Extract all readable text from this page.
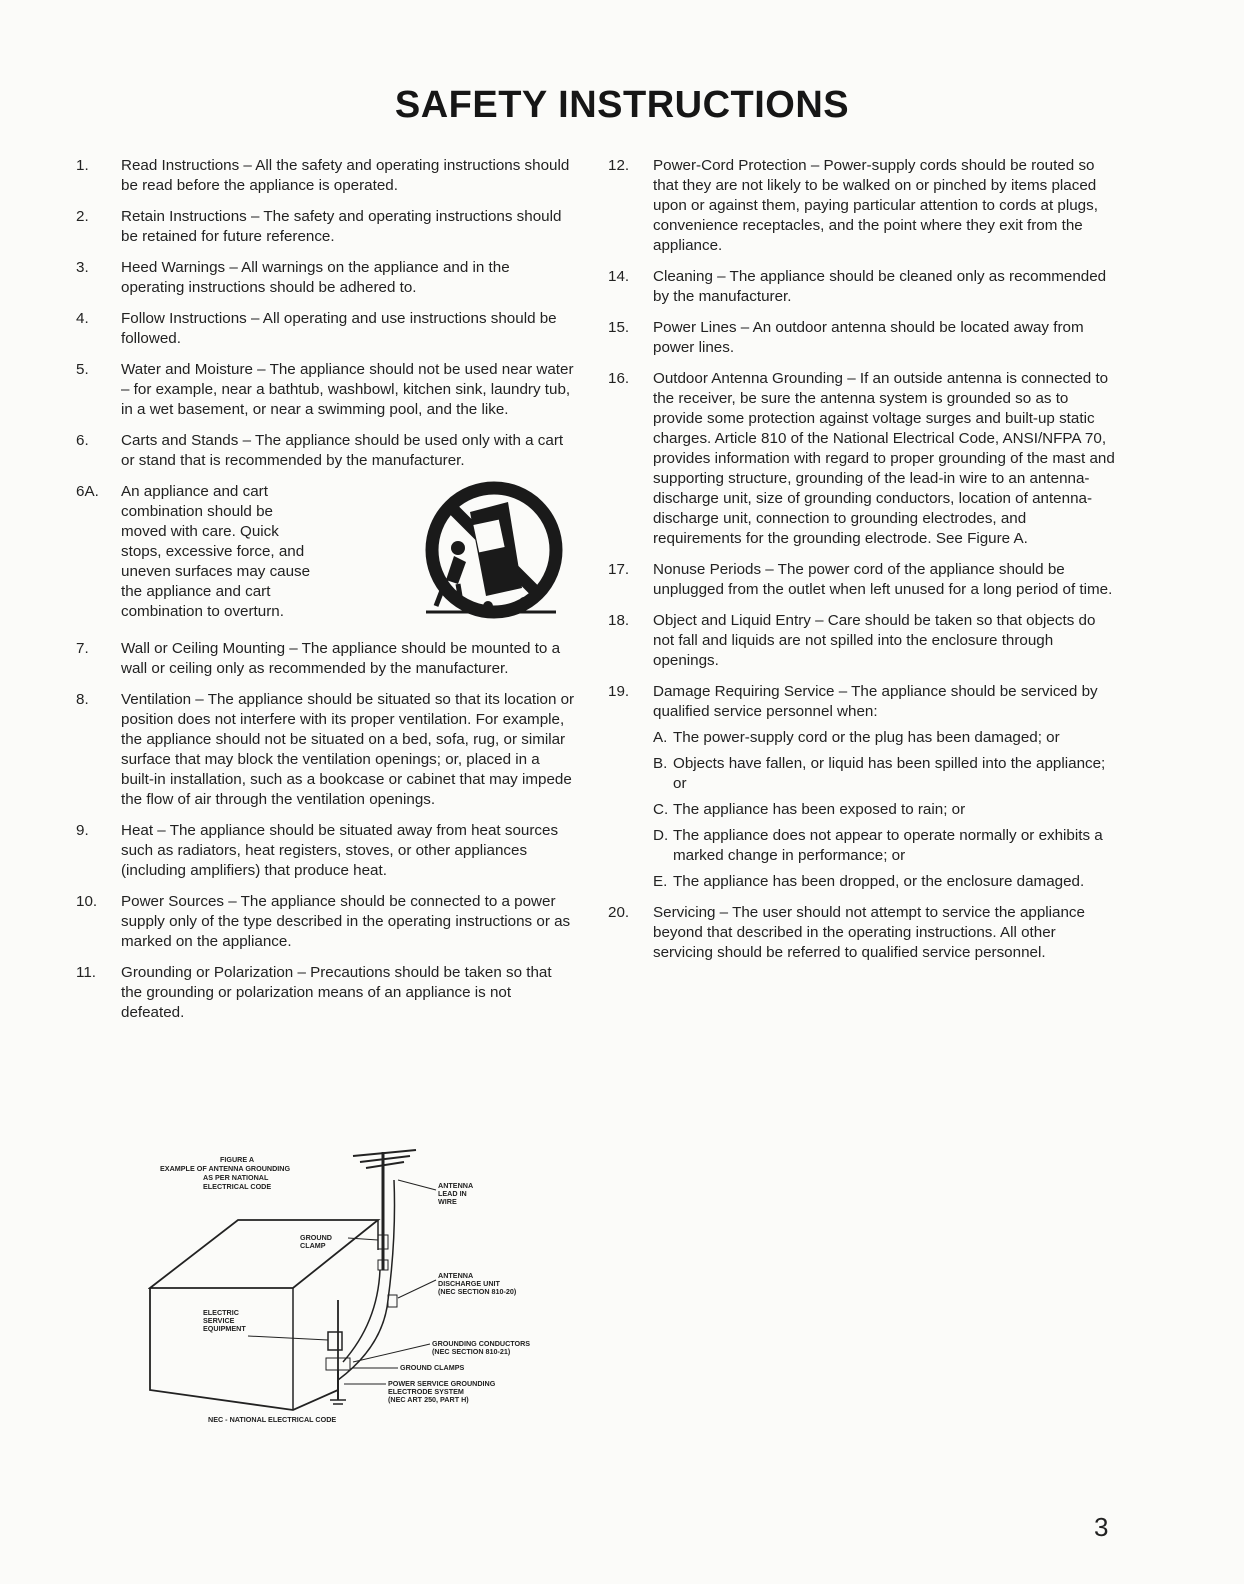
SAFETY INSTRUCTIONS
1. Read Instructions – All the safety and operating instructions should be read before the appliance is operated.
2. Retain Instructions – The safety and operating instructions should be retained for future reference.
3. Heed Warnings – All warnings on the appliance and in the operating instructions should be adhered to.
4. Follow Instructions – All operating and use instructions should be followed.
5. Water and Moisture – The appliance should not be used near water – for example, near a bathtub, washbowl, kitchen sink, laundry tub, in a wet basement, or near a swimming pool, and the like.
6. Carts and Stands – The appliance should be used only with a cart or stand that is recommended by the manufacturer.
6A. An appliance and cart combination should be moved with care. Quick stops, excessive force, and uneven surfaces may cause the appliance and cart combination to overturn.
7. Wall or Ceiling Mounting – The appliance should be mounted to a wall or ceiling only as recommended by the manufacturer.
8. Ventilation – The appliance should be situated so that its location or position does not interfere with its proper ventilation. For example, the appliance should not be situated on a bed, sofa, rug, or similar surface that may block the ventilation openings; or, placed in a built-in installation, such as a bookcase or cabinet that may impede the flow of air through the ventilation openings.
9. Heat – The appliance should be situated away from heat sources such as radiators, heat registers, stoves, or other appliances (including amplifiers) that produce heat.
10. Power Sources – The appliance should be connected to a power supply only of the type described in the operating instructions or as marked on the appliance.
11. Grounding or Polarization – Precautions should be taken so that the grounding or polarization means of an appliance is not defeated.
12. Power-Cord Protection – Power-supply cords should be routed so that they are not likely to be walked on or pinched by items placed upon or against them, paying particular attention to cords at plugs, convenience receptacles, and the point where they exit from the appliance.
14. Cleaning – The appliance should be cleaned only as recommended by the manufacturer.
15. Power Lines – An outdoor antenna should be located away from power lines.
16. Outdoor Antenna Grounding – If an outside antenna is connected to the receiver, be sure the antenna system is grounded so as to provide some protection against voltage surges and built-up static charges. Article 810 of the National Electrical Code, ANSI/NFPA 70, provides information with regard to proper grounding of the mast and supporting structure, grounding of the lead-in wire to an antenna-discharge unit, size of grounding conductors, location of antenna-discharge unit, connection to grounding electrodes, and requirements for the grounding electrode. See Figure A.
17. Nonuse Periods – The power cord of the appliance should be unplugged from the outlet when left unused for a long period of time.
18. Object and Liquid Entry – Care should be taken so that objects do not fall and liquids are not spilled into the enclosure through openings.
19. Damage Requiring Service – The appliance should be serviced by qualified service personnel when:
A. The power-supply cord or the plug has been damaged; or
B. Objects have fallen, or liquid has been spilled into the appliance; or
C. The appliance has been exposed to rain; or
D. The appliance does not appear to operate normally or exhibits a marked change in performance; or
E. The appliance has been dropped, or the enclosure damaged.
20. Servicing – The user should not attempt to service the appliance beyond that described in the operating instructions. All other servicing should be referred to qualified service personnel.
FIGURE A
EXAMPLE OF ANTENNA GROUNDING
AS PER NATIONAL
ELECTRICAL CODE	ANTENNA
LEAD IN
WIRE
GROUND
CLAMP
ANTENNA
DISCHARGE UNIT
(NEC SECTION 810-20)
ELECTRIC
SERVICE
EQUIPMENT
GROUNDING CONDUCTORS
(NEC SECTION 810-21)
GROUND CLAMPS
POWER SERVICE GROUNDING
ELECTRODE SYSTEM
(NEC ART 250, PART H)
NEC - NATIONAL ELECTRICAL CODE
3
